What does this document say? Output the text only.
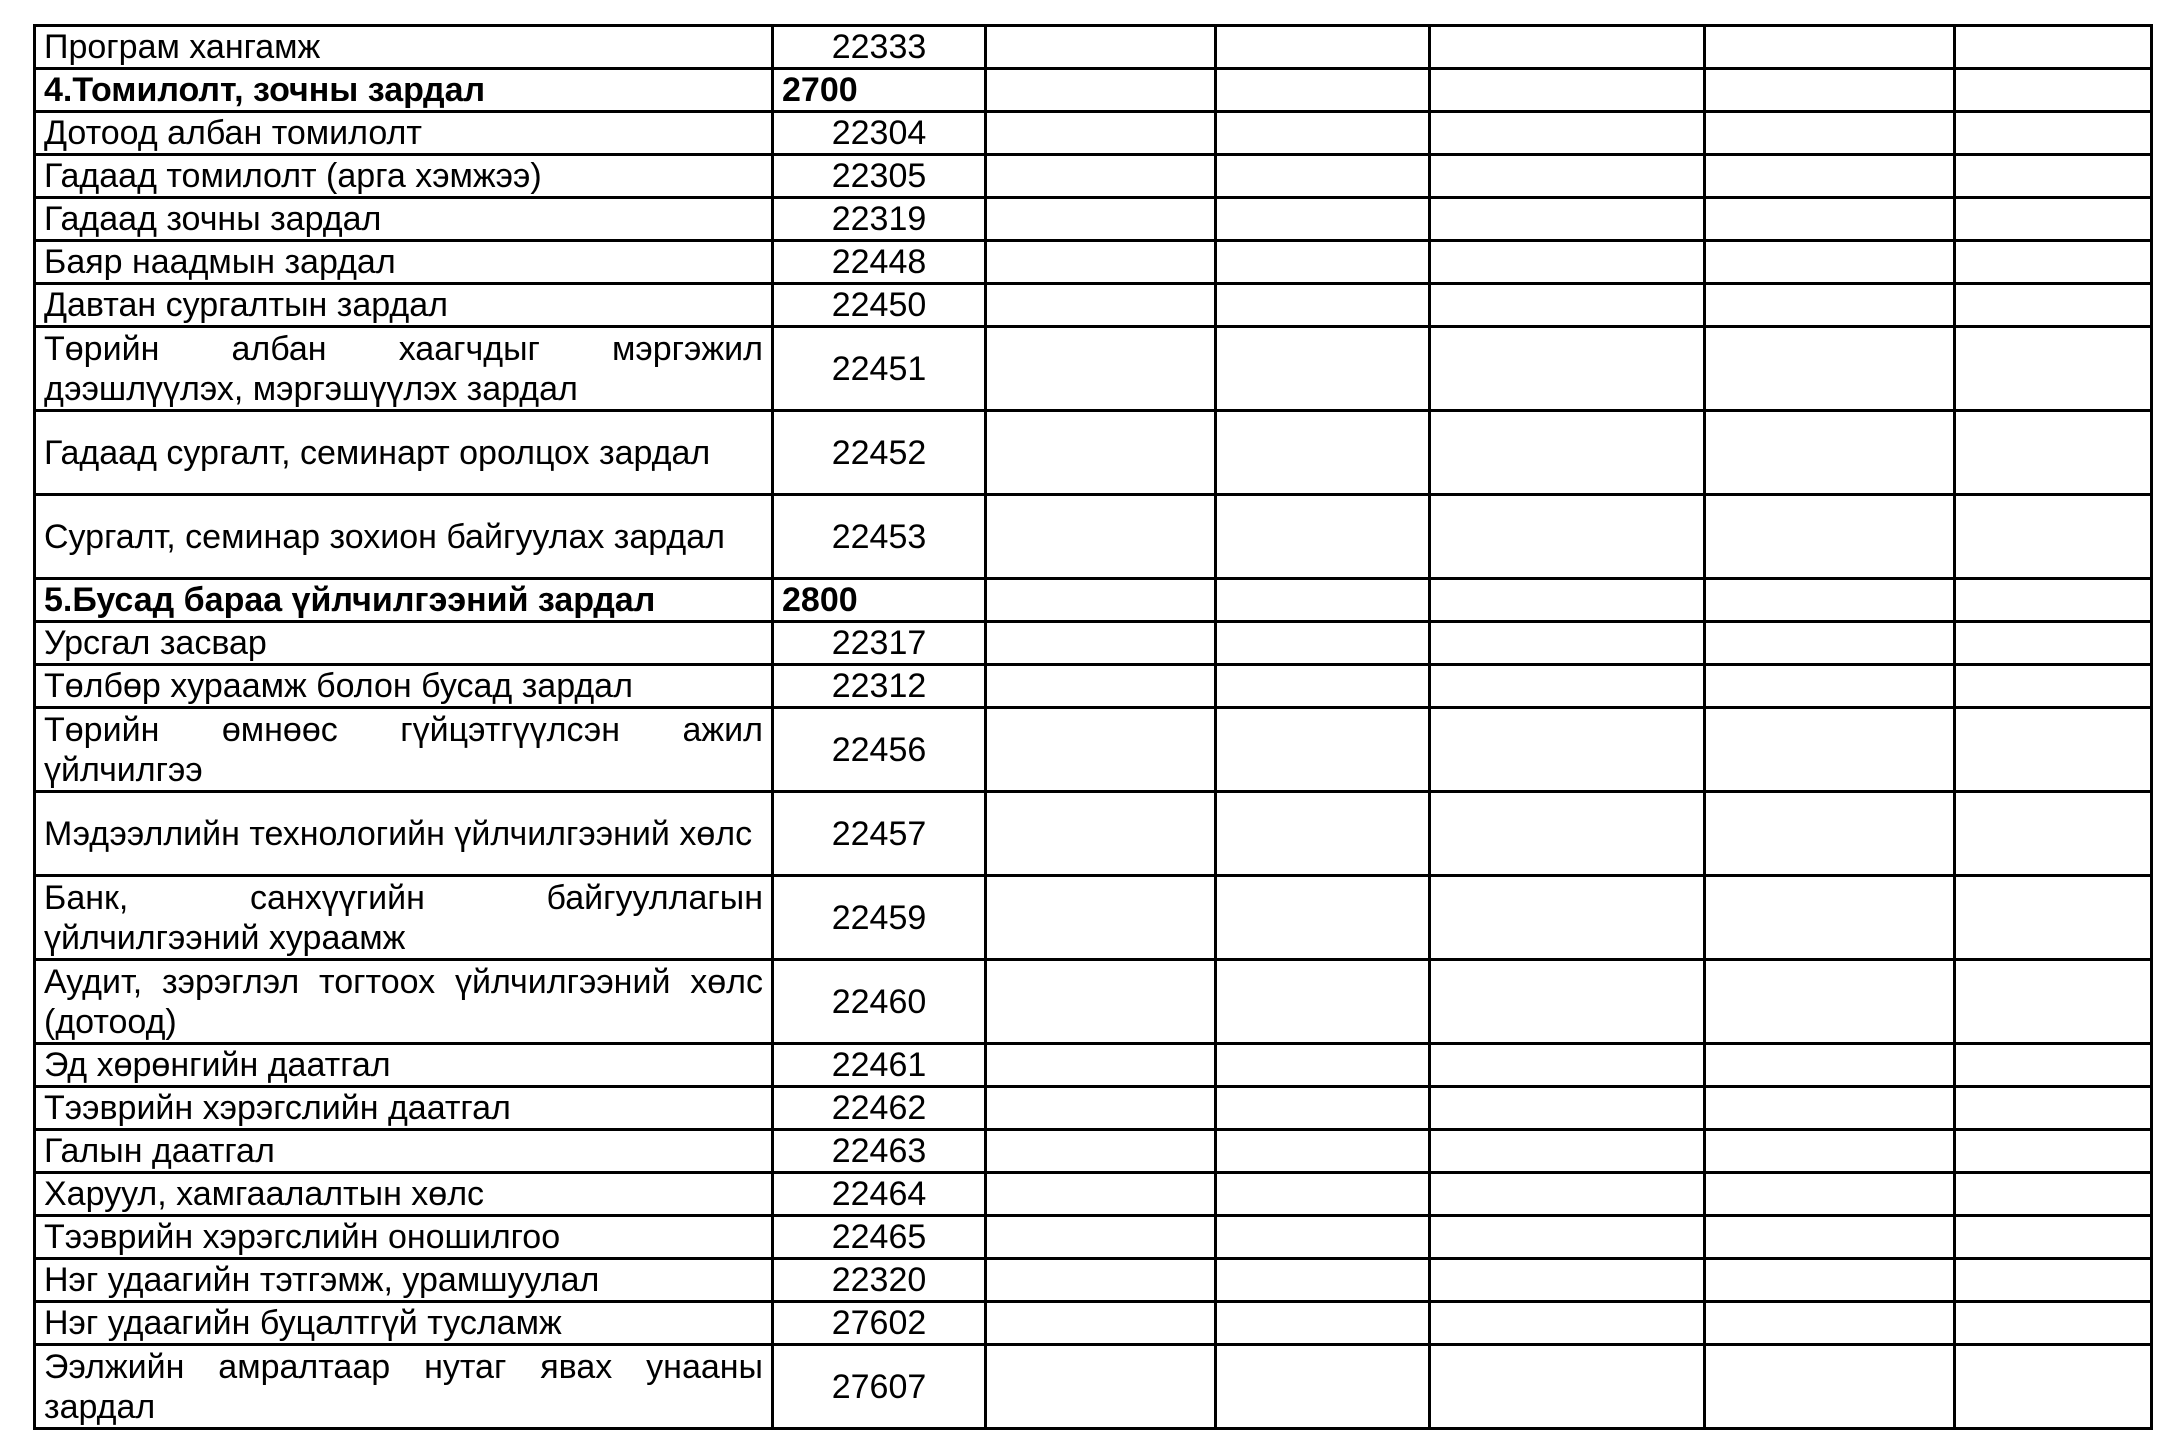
Програм хангамж	22333					
4.Томилолт, зочны зардал	2700					
Дотоод албан томилолт	22304					
Гадаад томилолт (арга хэмжээ)	22305					
Гадаад зочны зардал	22319					
Баяр наадмын зардал	22448					
Давтан сургалтын зардал	22450					
Төрийн албан хаагчдыг мэргэжил дээшлүүлэх, мэргэшүүлэх зардал	22451					
Гадаад сургалт, семинарт оролцох зардал	22452					
Сургалт, семинар зохион байгуулах зардал	22453					
5.Бусад бараа үйлчилгээний зардал	2800					
Урсгал засвар	22317					
Төлбөр хураамж болон бусад зардал	22312					
Төрийн өмнөөс гүйцэтгүүлсэн ажил үйлчилгээ	22456					
Мэдээллийн технологийн үйлчилгээний хөлс	22457					
Банк, санхүүгийн байгууллагын үйлчилгээний хураамж	22459					
Аудит, зэрэглэл тогтоох үйлчилгээний хөлс (дотоод)	22460					
Эд хөрөнгийн даатгал	22461					
Тээврийн хэрэгслийн даатгал	22462					
Галын даатгал	22463					
Харуул, хамгаалалтын хөлс	22464					
Тээврийн хэрэгслийн оношилгоо	22465					
Нэг удаагийн тэтгэмж, урамшуулал	22320					
Нэг удаагийн буцалтгүй тусламж	27602					
Ээлжийн амралтаар нутаг явах унааны зардал	27607					
